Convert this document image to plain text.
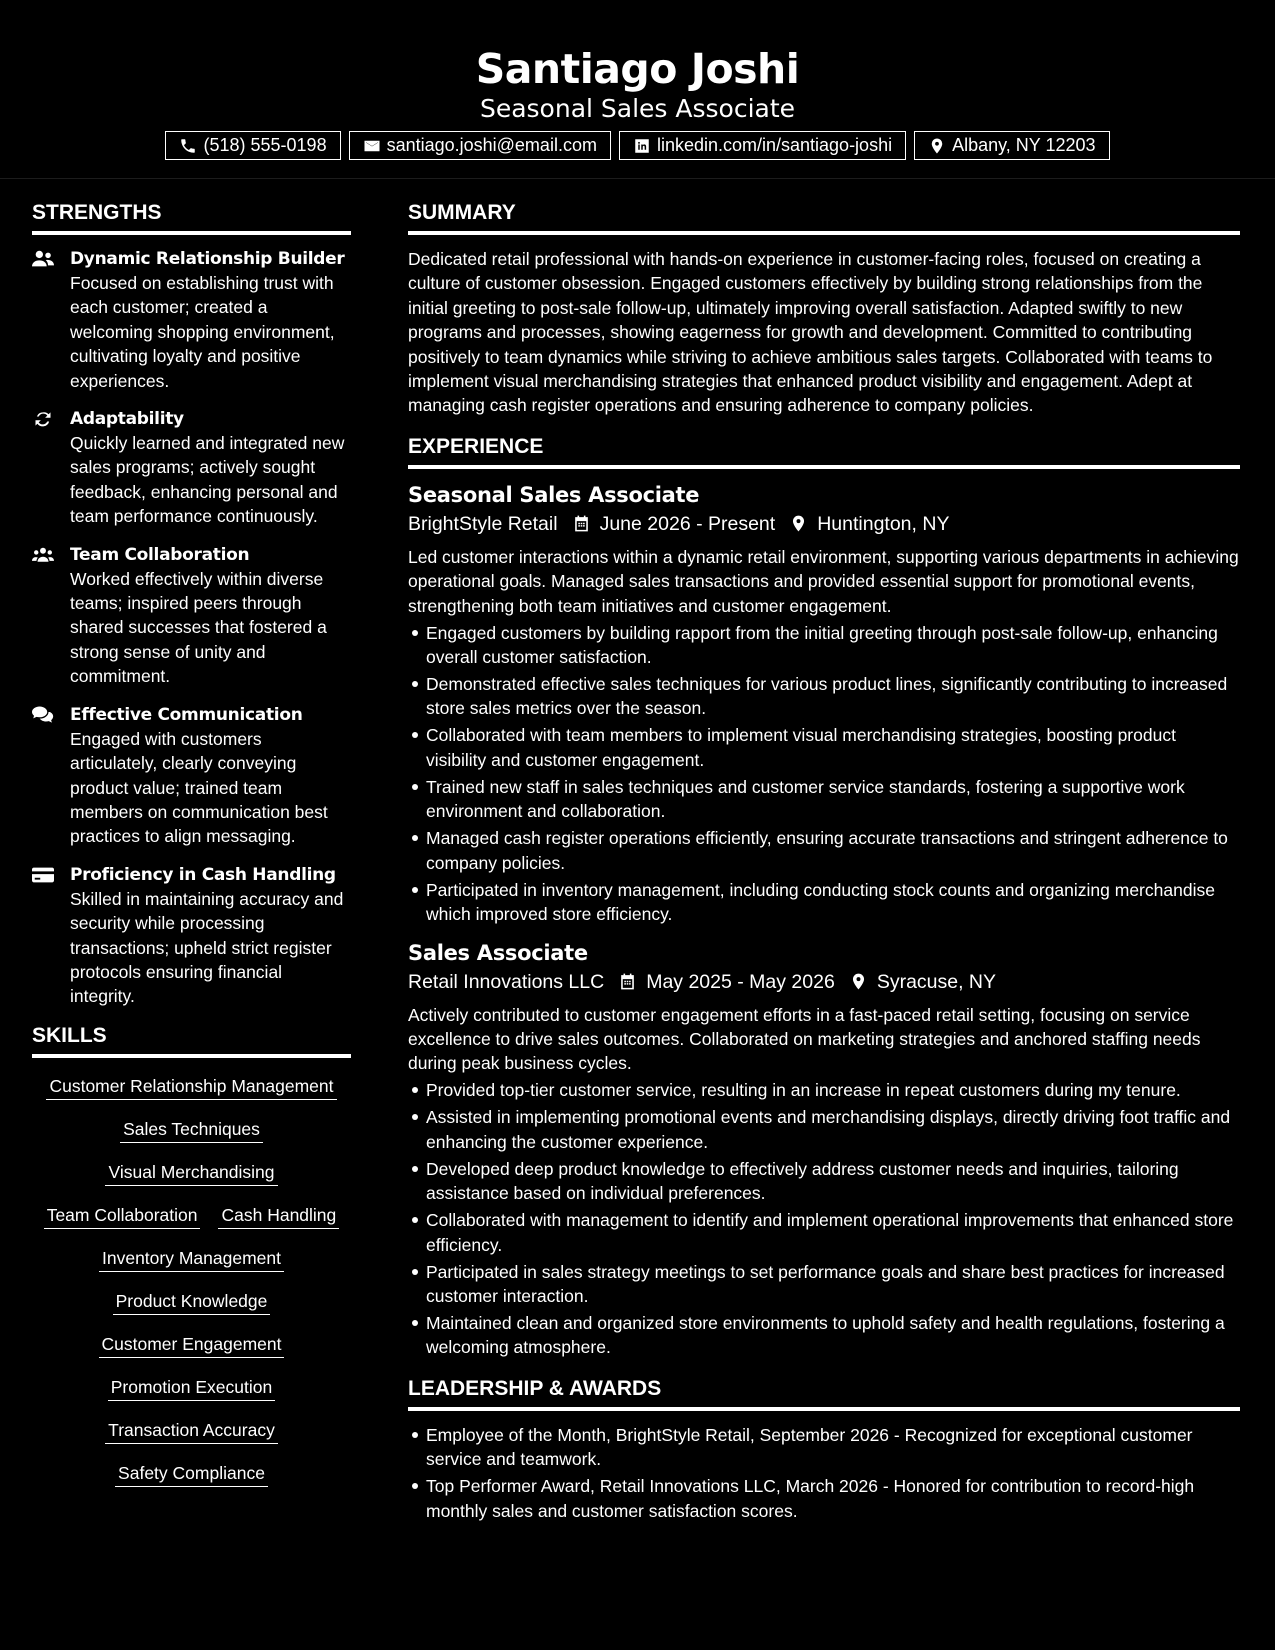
Santiago Joshi
Seasonal Sales Associate
(518) 555-0198	santiago.joshi@email.com	linkedin.com/in/santiago-joshi	Albany, NY 12203
STRENGTHS
Dynamic Relationship Builder
Focused on establishing trust with each customer; created a welcoming shopping environment, cultivating loyalty and positive experiences.
Adaptability
Quickly learned and integrated new sales programs; actively sought feedback, enhancing personal and team performance continuously.
Team Collaboration
Worked effectively within diverse teams; inspired peers through shared successes that fostered a strong sense of unity and commitment.
Effective Communication
Engaged with customers articulately, clearly conveying product value; trained team members on communication best practices to align messaging.
Proficiency in Cash Handling
Skilled in maintaining accuracy and security while processing transactions; upheld strict register protocols ensuring financial integrity.
SKILLS
Customer Relationship Management
Sales Techniques
Visual Merchandising
Team Collaboration Cash Handling
Inventory Management
Product Knowledge
Customer Engagement
Promotion Execution
Transaction Accuracy
Safety Compliance
SUMMARY
Dedicated retail professional with hands-on experience in customer-facing roles, focused on creating a culture of customer obsession. Engaged customers effectively by building strong relationships from the initial greeting to post-sale follow-up, ultimately improving overall satisfaction. Adapted swiftly to new programs and processes, showing eagerness for growth and development. Committed to contributing positively to team dynamics while striving to achieve ambitious sales targets. Collaborated with teams to implement visual merchandising strategies that enhanced product visibility and engagement. Adept at managing cash register operations and ensuring adherence to company policies.
EXPERIENCE
Seasonal Sales Associate
BrightStyle Retail June 2026 - Present Huntington, NY
Led customer interactions within a dynamic retail environment, supporting various departments in achieving operational goals. Managed sales transactions and provided essential support for promotional events, strengthening both team initiatives and customer engagement.
Engaged customers by building rapport from the initial greeting through post-sale follow-up, enhancing overall customer satisfaction.
Demonstrated effective sales techniques for various product lines, significantly contributing to increased store sales metrics over the season.
Collaborated with team members to implement visual merchandising strategies, boosting product visibility and customer engagement.
Trained new staff in sales techniques and customer service standards, fostering a supportive work environment and collaboration.
Managed cash register operations efficiently, ensuring accurate transactions and stringent adherence to company policies.
Participated in inventory management, including conducting stock counts and organizing merchandise which improved store efficiency.
Sales Associate
Retail Innovations LLC May 2025 - May 2026 Syracuse, NY
Actively contributed to customer engagement efforts in a fast-paced retail setting, focusing on service excellence to drive sales outcomes. Collaborated on marketing strategies and anchored staffing needs during peak business cycles.
Provided top-tier customer service, resulting in an increase in repeat customers during my tenure.
Assisted in implementing promotional events and merchandising displays, directly driving foot traffic and enhancing the customer experience.
Developed deep product knowledge to effectively address customer needs and inquiries, tailoring assistance based on individual preferences.
Collaborated with management to identify and implement operational improvements that enhanced store efficiency.
Participated in sales strategy meetings to set performance goals and share best practices for increased customer interaction.
Maintained clean and organized store environments to uphold safety and health regulations, fostering a welcoming atmosphere.
LEADERSHIP & AWARDS
Employee of the Month, BrightStyle Retail, September 2026 - Recognized for exceptional customer service and teamwork.
Top Performer Award, Retail Innovations LLC, March 2026 - Honored for contribution to record-high monthly sales and customer satisfaction scores.
